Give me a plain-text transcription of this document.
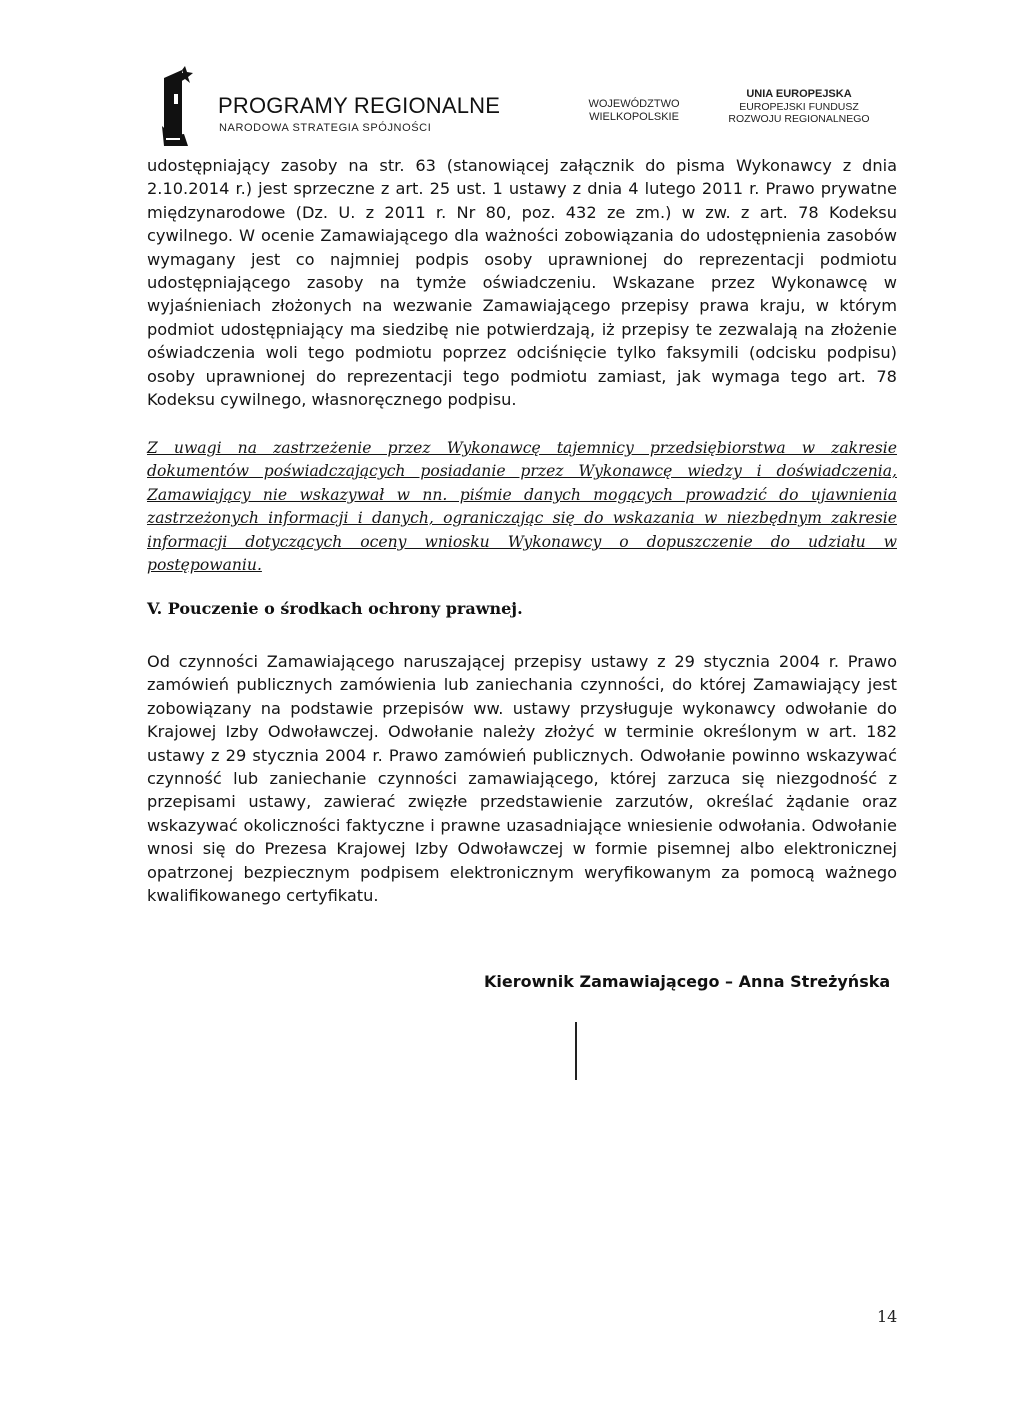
PROGRAMY REGIONALNE
NARODOWA STRATEGIA SPÓJNOŚCI
WOJEWÓDZTWO
WIELKOPOLSKIE
UNIA EUROPEJSKA
EUROPEJSKI FUNDUSZ
ROZWOJU REGIONALNEGO

udostępniający zasoby na str. 63 (stanowiącej załącznik do pisma Wykonawcy z dnia 2.10.2014 r.) jest sprzeczne z art. 25 ust. 1 ustawy z dnia 4 lutego 2011 r. Prawo prywatne międzynarodowe (Dz. U. z 2011 r. Nr 80, poz. 432 ze zm.) w zw. z art. 78 Kodeksu cywilnego. W ocenie Zamawiającego dla ważności zobowiązania do udostępnienia zasobów wymagany jest co najmniej podpis osoby uprawnionej do reprezentacji podmiotu udostępniającego zasoby na tymże oświadczeniu. Wskazane przez Wykonawcę w wyjaśnieniach złożonych na wezwanie Zamawiającego przepisy prawa kraju, w którym podmiot udostępniający ma siedzibę nie potwierdzają, iż przepisy te zezwalają na złożenie oświadczenia woli tego podmiotu poprzez odciśnięcie tylko faksymili (odcisku podpisu) osoby uprawnionej do reprezentacji tego podmiotu zamiast, jak wymaga tego art. 78 Kodeksu cywilnego, własnoręcznego podpisu.

Z uwagi na zastrzeżenie przez Wykonawcę tajemnicy przedsiębiorstwa w zakresie dokumentów poświadczających posiadanie przez Wykonawcę wiedzy i doświadczenia, Zamawiający nie wskazywał w nn. piśmie danych mogących prowadzić do ujawnienia zastrzeżonych informacji i danych, ograniczając się do wskazania w niezbędnym zakresie informacji dotyczących oceny wniosku Wykonawcy o dopuszczenie do udziału w postępowaniu.

V. Pouczenie o środkach ochrony prawnej.

Od czynności Zamawiającego naruszającej przepisy ustawy z 29 stycznia 2004 r. Prawo zamówień publicznych zamówienia lub zaniechania czynności, do której Zamawiający jest zobowiązany na podstawie przepisów ww. ustawy przysługuje wykonawcy odwołanie do Krajowej Izby Odwoławczej. Odwołanie należy złożyć w terminie określonym w art. 182 ustawy z 29 stycznia 2004 r. Prawo zamówień publicznych. Odwołanie powinno wskazywać czynność lub zaniechanie czynności zamawiającego, której zarzuca się niezgodność z przepisami ustawy, zawierać zwięzłe przedstawienie zarzutów, określać żądanie oraz wskazywać okoliczności faktyczne i prawne uzasadniające wniesienie odwołania. Odwołanie wnosi się do Prezesa Krajowej Izby Odwoławczej w formie pisemnej albo elektronicznej opatrzonej bezpiecznym podpisem elektronicznym weryfikowanym za pomocą ważnego kwalifikowanego certyfikatu.

Kierownik Zamawiającego – Anna Streżyńska
14
